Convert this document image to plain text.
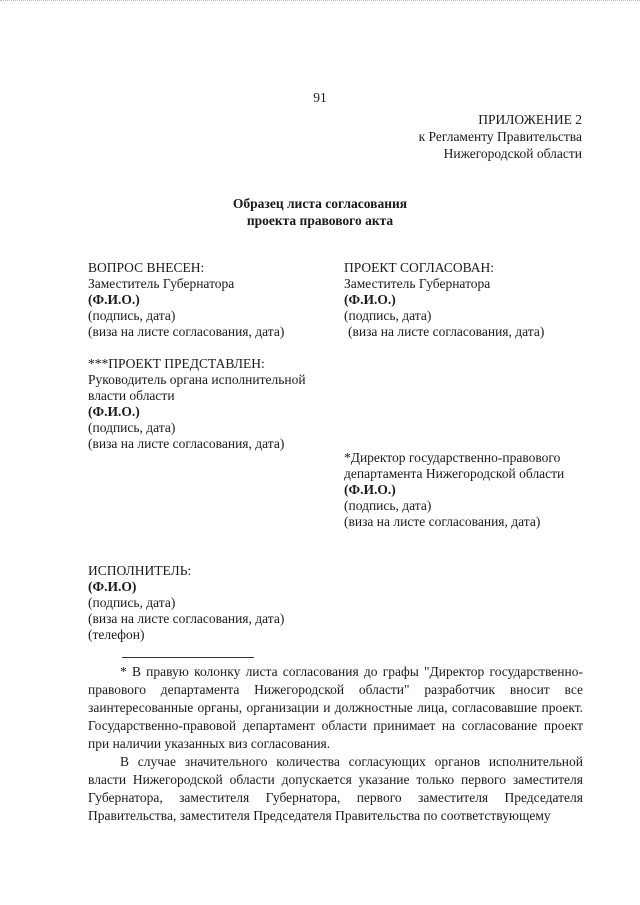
91
ПРИЛОЖЕНИЕ 2
к Регламенту Правительства
Нижегородской области
Образец листа согласования
проекта правового акта
ВОПРОС ВНЕСЕН:
Заместитель Губернатора
(Ф.И.О.)
(подпись, дата)
(виза на листе согласования, дата)
ПРОЕКТ СОГЛАСОВАН:
Заместитель Губернатора
(Ф.И.О.)
(подпись, дата)
(виза на листе согласования, дата)
***ПРОЕКТ ПРЕДСТАВЛЕН:
Руководитель органа исполнительной
власти области
(Ф.И.О.)
(подпись, дата)
(виза на листе согласования, дата)
*Директор государственно-правового
департамента Нижегородской области
(Ф.И.О.)
(подпись, дата)
(виза на листе согласования, дата)
ИСПОЛНИТЕЛЬ:
(Ф.И.О)
(подпись, дата)
(виза на листе согласования, дата)
(телефон)

* В правую колонку листа согласования до графы "Директор государственно-правового департамента Нижегородской области" разработчик вносит все заинтересованные органы, организации и должностные лица, согласовавшие проект. Государственно-правовой департамент области принимает на согласование проект при наличии указанных виз согласования.

В случае значительного количества согласующих органов исполнительной власти Нижегородской области допускается указание только первого заместителя Губернатора, заместителя Губернатора, первого заместителя Председателя Правительства, заместителя Председателя Правительства по соответствующему
